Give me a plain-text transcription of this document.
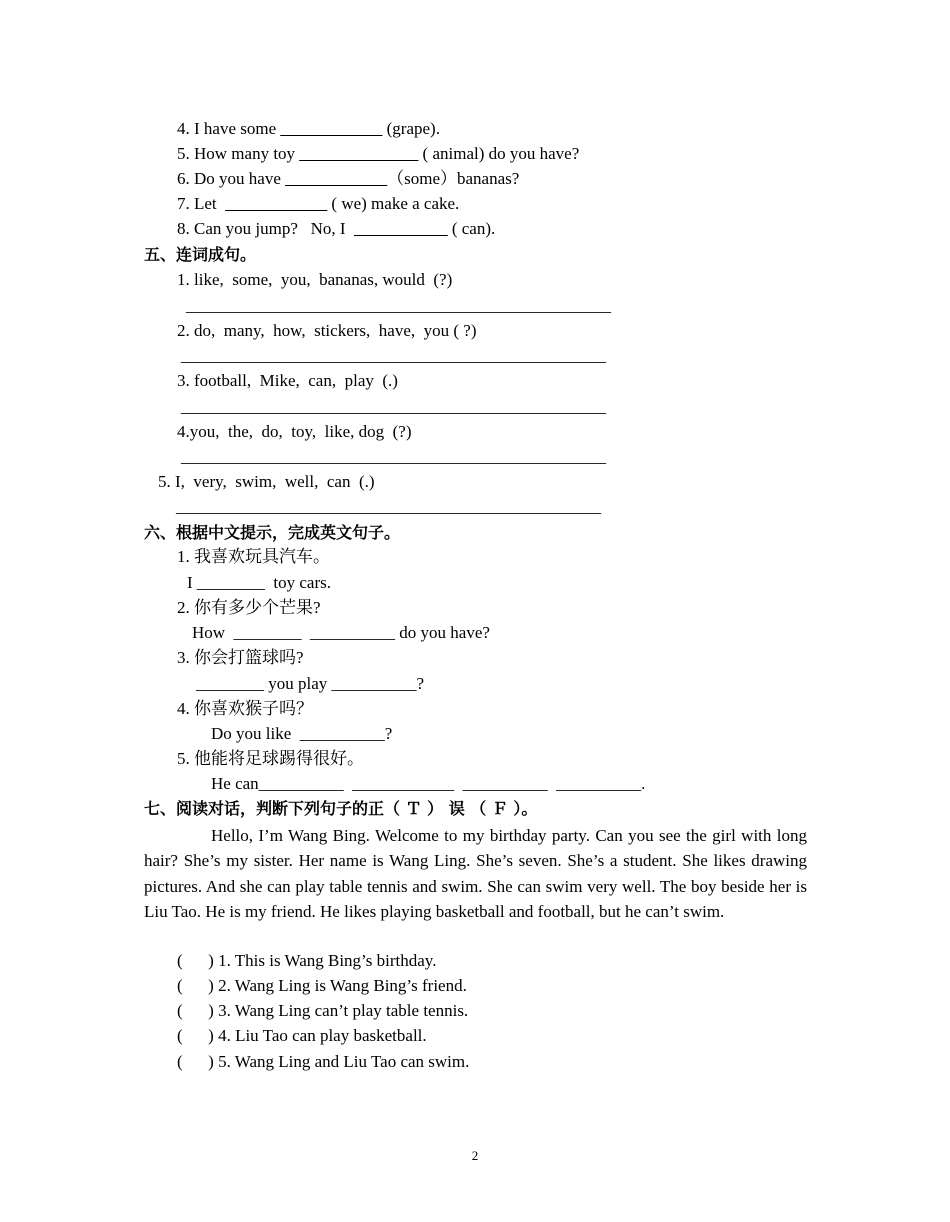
4. I have some ____________ (grape).
5. How many toy ______________ ( animal) do you have?
6. Do you have ____________（some）bananas?
7. Let  ____________ ( we) make a cake.
8. Can you jump?   No, I  ___________ ( can).
五、连词成句。
1. like,  some,  you,  bananas, would  (?)
__________________________________________________
2. do,  many,  how,  stickers,  have,  you ( ?)
__________________________________________________
3. football,  Mike,  can,  play  (.)
__________________________________________________
4.you,  the,  do,  toy,  like, dog  (?)
__________________________________________________
5. I,  very,  swim,  well,  can  (.)
__________________________________________________
六、根据中文提示，完成英文句子。
1. 我喜欢玩具汽车。
I ________  toy cars.
2. 你有多少个芒果?
How  ________  __________ do you have?
3. 你会打篮球吗?
________ you play __________?
4. 你喜欢猴子吗？
Do you like  __________?
5. 他能将足球踢得很好。
He can__________  ____________  __________  __________.
七、阅读对话，判断下列句子的正（ Ｔ ） 误 （ Ｆ ）。
Hello, I’m Wang Bing. Welcome to my birthday party. Can you see the girl with long hair? She’s my sister. Her name is Wang Ling. She’s seven. She’s a student. She likes drawing pictures. And she can play table tennis and swim. She can swim very well. The boy beside her is Liu Tao. He is my friend. He likes playing basketball and football, but he can’t swim.
(      ) 1. This is Wang Bing’s birthday.
(      ) 2. Wang Ling is Wang Bing’s friend.
(      ) 3. Wang Ling can’t play table tennis.
(      ) 4. Liu Tao can play basketball.
(      ) 5. Wang Ling and Liu Tao can swim.
2
